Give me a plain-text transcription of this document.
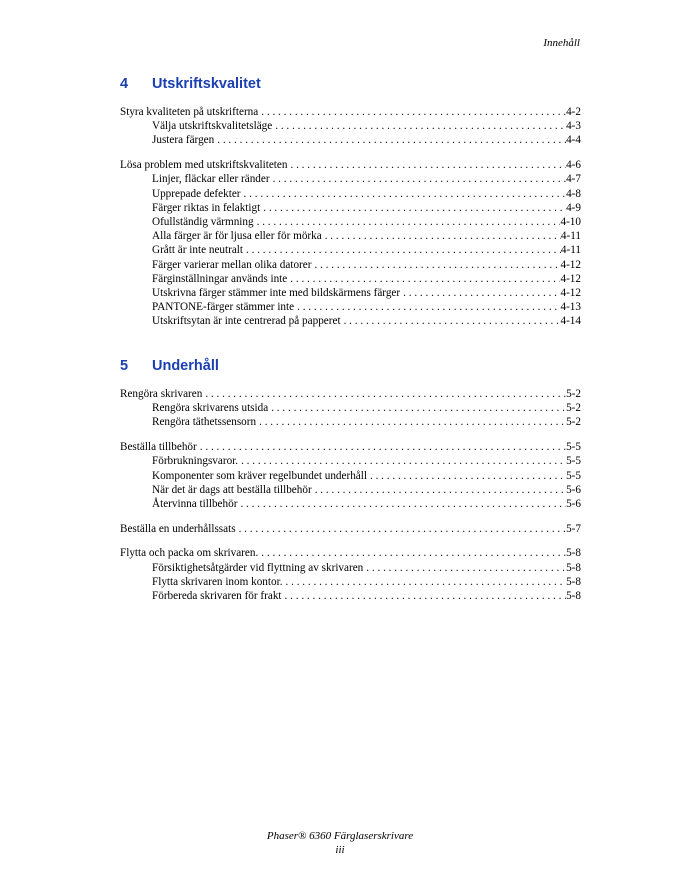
Innehåll
4 Utskriftskvalitet
Styra kvaliteten på utskrifterna . . .	4-2
Välja utskriftskvalitetsläge . . .	4-3
Justera färgen . . .	4-4
Lösa problem med utskriftskvaliteten . . .	4-6
Linjer, fläckar eller ränder . . .	4-7
Upprepade defekter . . .	4-8
Färger riktas in felaktigt . . .	4-9
Ofullständig värmning . . .	4-10
Alla färger är för ljusa eller för mörka . . .	4-11
Grått är inte neutralt . . .	4-11
Färger varierar mellan olika datorer . . .	4-12
Färginställningar används inte . . .	4-12
Utskrivna färger stämmer inte med bildskärmens färger . . .	4-12
PANTONE-färger stämmer inte . . .	4-13
Utskriftsytan är inte centrerad på papperet . . .	4-14
5 Underhåll
Rengöra skrivaren . . .	5-2
Rengöra skrivarens utsida . . .	5-2
Rengöra täthetssensorn . . .	5-2
Beställa tillbehör . . .	5-5
Förbrukningsvaror. . . .	5-5
Komponenter som kräver regelbundet underhåll . . .	5-5
När det är dags att beställa tillbehör . . .	5-6
Återvinna tillbehör . . .	5-6
Beställa en underhållssats . . .	5-7
Flytta och packa om skrivaren. . . .	5-8
Försiktighetsåtgärder vid flyttning av skrivaren . . .	5-8
Flytta skrivaren inom kontor. . . .	5-8
Förbereda skrivaren för frakt . . .	5-8
Phaser® 6360 Färglaserskrivare
iii
